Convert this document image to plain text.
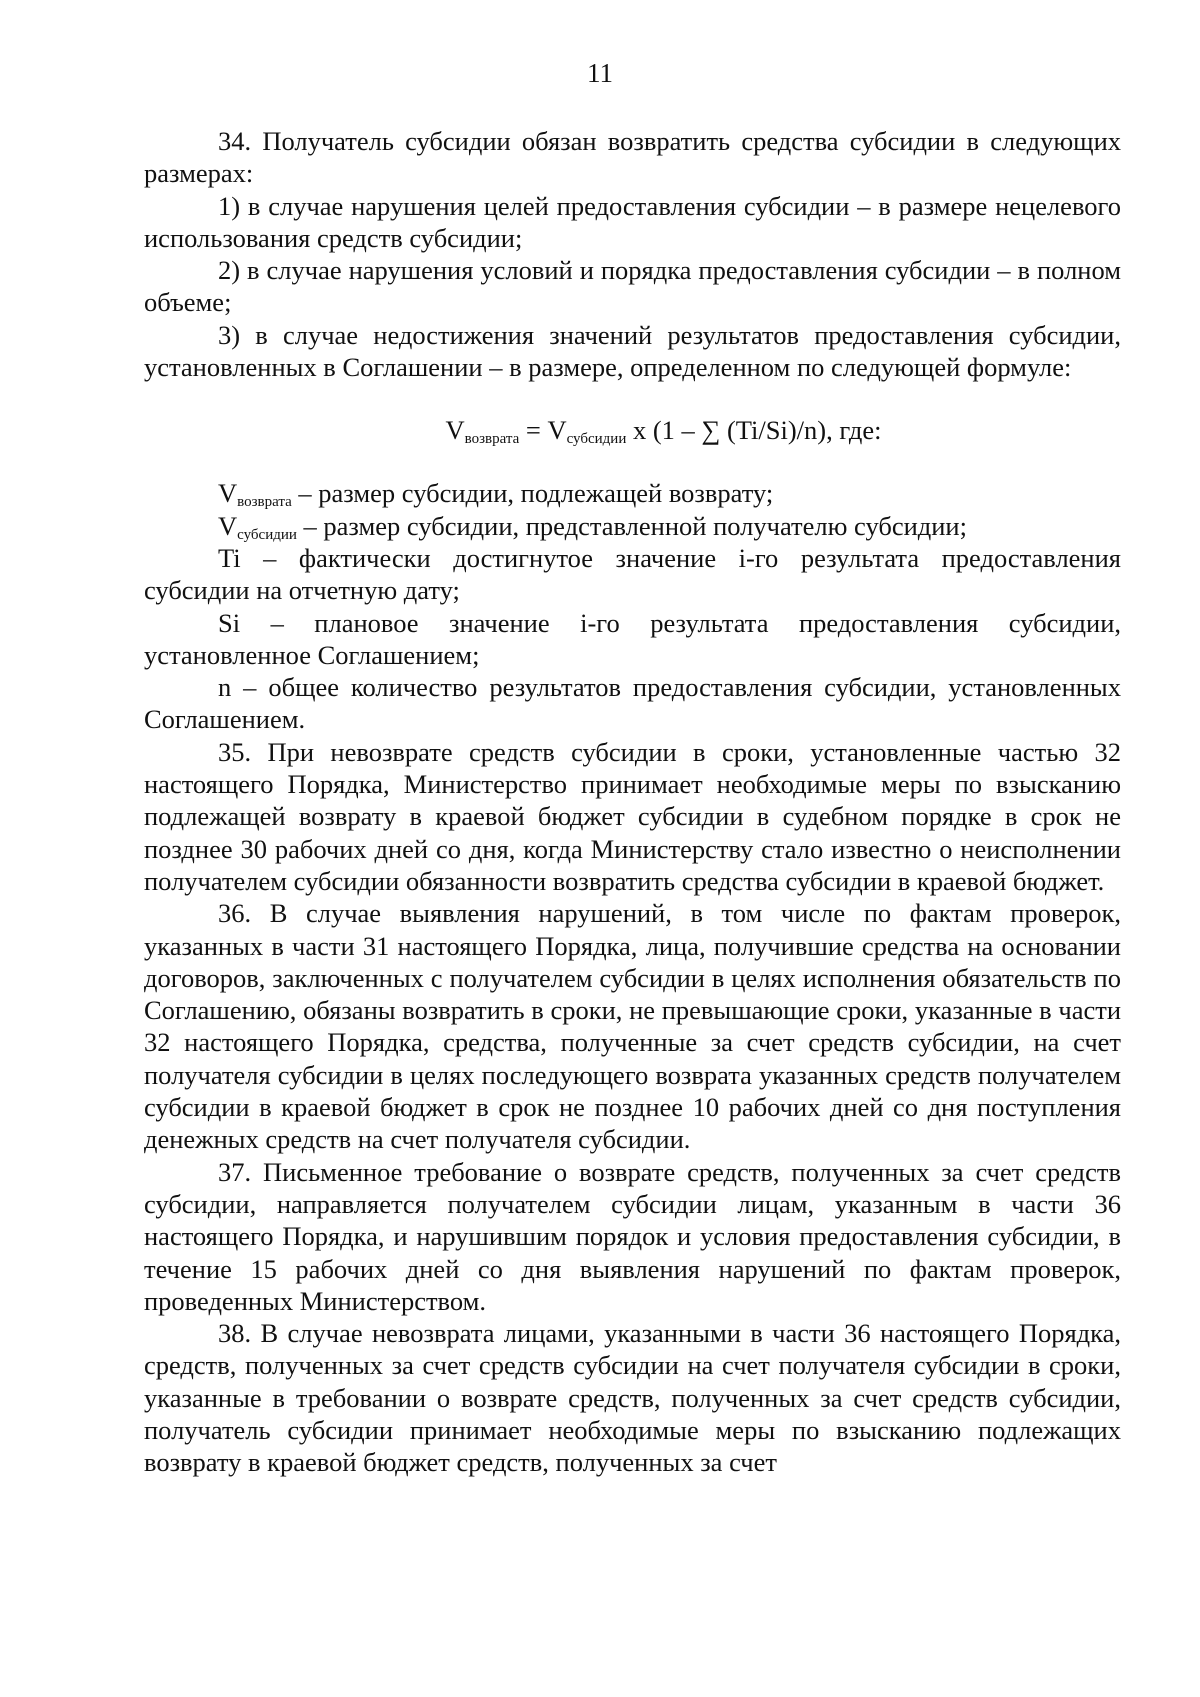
11

34. Получатель субсидии обязан возвратить средства субсидии в следующих размерах:

1) в случае нарушения целей предоставления субсидии – в размере нецелевого использования средств субсидии;

2) в случае нарушения условий и порядка предоставления субсидии – в полном объеме;

3) в случае недостижения значений результатов предоставления субсидии, установленных в Соглашении – в размере, определенном по следующей формуле:

$V_{возврата} = V_{субсидии}$ x (1 – ∑ (Ti/Si)/n), где:

$V_{возврата}$ – размер субсидии, подлежащей возврату;

$V_{субсидии}$ – размер субсидии, представленной получателю субсидии;

Ti – фактически достигнутое значение i-го результата предоставления субсидии на отчетную дату;

Si – плановое значение i-го результата предоставления субсидии, установленное Соглашением;

n – общее количество результатов предоставления субсидии, установленных Соглашением.

35. При невозврате средств субсидии в сроки, установленные частью 32 настоящего Порядка, Министерство принимает необходимые меры по взысканию подлежащей возврату в краевой бюджет субсидии в судебном порядке в срок не позднее 30 рабочих дней со дня, когда Министерству стало известно о неисполнении получателем субсидии обязанности возвратить средства субсидии в краевой бюджет.

36. В случае выявления нарушений, в том числе по фактам проверок, указанных в части 31 настоящего Порядка, лица, получившие средства на основании договоров, заключенных с получателем субсидии в целях исполнения обязательств по Соглашению, обязаны возвратить в сроки, не превышающие сроки, указанные в части 32 настоящего Порядка, средства, полученные за счет средств субсидии, на счет получателя субсидии в целях последующего возврата указанных средств получателем субсидии в краевой бюджет в срок не позднее 10 рабочих дней со дня поступления денежных средств на счет получателя субсидии.

37. Письменное требование о возврате средств, полученных за счет средств субсидии, направляется получателем субсидии лицам, указанным в части 36 настоящего Порядка, и нарушившим порядок и условия предоставления субсидии, в течение 15 рабочих дней со дня выявления нарушений по фактам проверок, проведенных Министерством.

38. В случае невозврата лицами, указанными в части 36 настоящего Порядка, средств, полученных за счет средств субсидии на счет получателя субсидии в сроки, указанные в требовании о возврате средств, полученных за счет средств субсидии, получатель субсидии принимает необходимые меры по взысканию подлежащих возврату в краевой бюджет средств, полученных за счет
